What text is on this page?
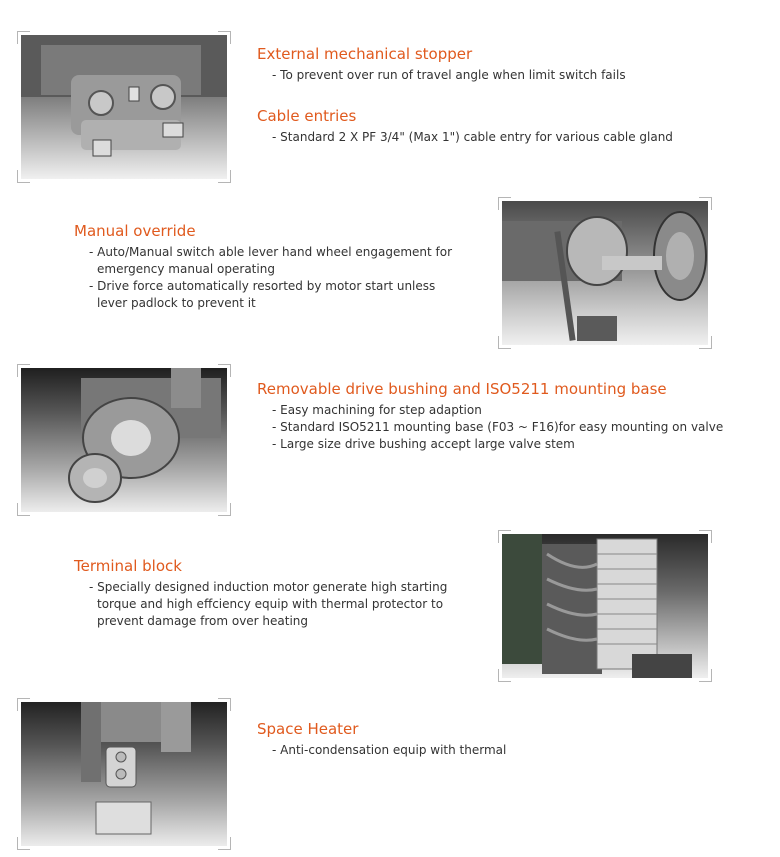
External mechanical stopper
- To prevent over run of travel angle when limit switch fails
Cable entries
- Standard 2 X PF 3/4" (Max 1") cable entry for various cable gland
Manual override
- Auto/Manual switch able lever hand wheel engagement for emergency manual operating
- Drive force automatically resorted by motor start unless lever padlock to prevent it
Removable drive bushing and ISO5211 mounting base
- Easy machining for step adaption
- Standard ISO5211 mounting base (F03 ~ F16)for easy mounting on valve
- Large size drive bushing accept large valve stem
Terminal block
- Specially designed induction motor generate high starting torque and high effciency equip with thermal protector to prevent damage from over heating
Space Heater
- Anti-condensation equip with thermal
